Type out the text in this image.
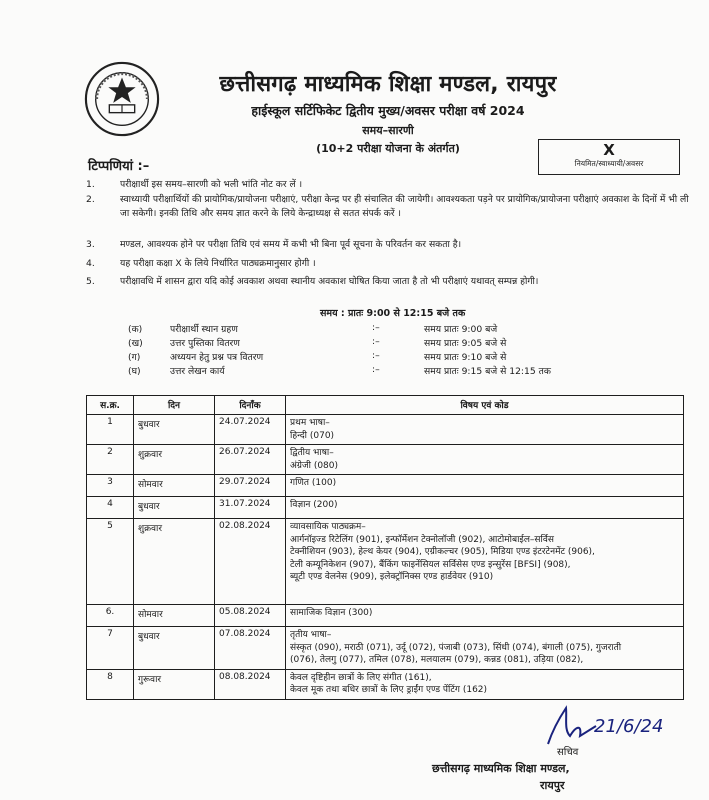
छत्तीसगढ़ माध्यमिक शिक्षा मण्डल, रायपुर
हाईस्कूल सर्टिफिकेट द्वितीय मुख्य/अवसर परीक्षा वर्ष 2024
समय–सारणी
(10+2 परीक्षा योजना के अंतर्गत)	X
नियमित/स्वाध्यायी/अवसर
टिप्पणियां :–
1.	परीक्षार्थी इस समय–सारणी को भली भांति नोट कर लें ।
2.	स्वाध्यायी परीक्षार्थियों की प्रायोगिक/प्रायोजना परीक्षाएं, परीक्षा केन्द्र पर ही संचालित की जायेगी। आवश्यकता पड़ने पर प्रायोगिक/प्रायोजना परीक्षाएं अवकाश के दिनों में भी ली जा सकेगी। इनकी तिथि और समय ज्ञात करने के लिये केन्द्राध्यक्ष से सतत संपर्क करें ।
3.	मण्डल, आवश्यक होने पर परीक्षा तिथि एवं समय में कभी भी बिना पूर्व सूचना के परिवर्तन कर सकता है।
4.	यह परीक्षा कक्षा X के लिये निर्धारित पाठ्यक्रमानुसार होगी ।
5.	परीक्षावधि में शासन द्वारा यदि कोई अवकाश अथवा स्थानीय अवकाश घोषित किया जाता है तो भी परीक्षाएं यथावत् सम्पन्न होगी।
समय : प्रातः 9:00 से 12:15 बजे तक
(क)	परीक्षार्थी स्थान ग्रहण	:–	समय प्रातः 9:00 बजे
(ख)	उत्तर पुस्तिका वितरण	:–	समय प्रातः 9:05 बजे से
(ग)	अध्ययन हेतु प्रश्न पत्र वितरण	:–	समय प्रातः 9:10 बजे से
(घ)	उत्तर लेखन कार्य	:–	समय प्रातः 9:15 बजे से 12:15 तक
स.क्र.	दिन	दिनाँक	विषय एवं कोड
1	बुधवार	24.07.2024	प्रथम भाषा–
हिन्दी (070)

2	शुक्रवार	26.07.2024	द्वितीय भाषा–
अंग्रेजी (080)

3	सोमवार	29.07.2024	गणित (100)

4	बुधवार	31.07.2024	विज्ञान (200)

5	शुक्रवार	02.08.2024	व्यावसायिक पाठ्यक्रम–
आर्गनॉइज्ड रिटेलिंग (901), इन्फॉर्मेशन टेक्नोलॉजी (902), आटोमोबाईल–सर्विस
टेक्नीशियन (903), हेल्थ केयर (904), एग्रीकल्चर (905), मिडिया एण्ड इंटरटेनमेंट (906),
टेली कम्यूनिकेशन (907), बैंकिंग फाइनेंसियल सर्विसेस एण्ड इन्सुरेंस [BFSI] (908),
ब्यूटी एण्ड वेलनेस (909), इलेक्ट्रॉनिक्स एण्ड हार्डवेयर (910)

6.	सोमवार	05.08.2024	सामाजिक विज्ञान (300)

7	बुधवार	07.08.2024	तृतीय भाषा–
संस्कृत (090), मराठी (071), उर्दू (072), पंजाबी (073), सिंधी (074), बंगाली (075), गुजराती
(076), तेलगु (077), तमिल (078), मलयालम (079), कन्नड (081), उड़िया (082),

8	गुरूवार	08.08.2024	केवल दृष्टिहीन छात्रों के लिए संगीत (161),
केवल मूक तथा बधिर छात्रों के लिए ड्राईंग एण्ड पेंटिंग (162)
21/6/24
सचिव
छत्तीसगढ़ माध्यमिक शिक्षा मण्डल,
रायपुर
